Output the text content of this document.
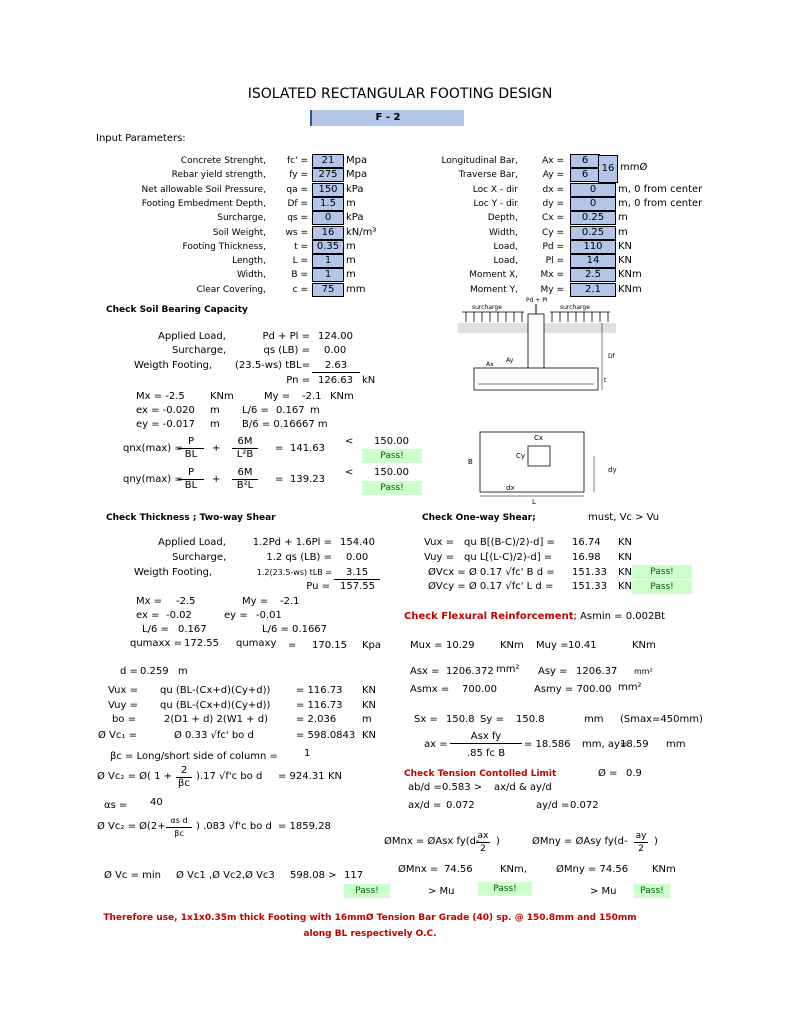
ISOLATED RECTANGULAR FOOTING DESIGN
F - 2
Input Parameters:
Concrete Strenght,	fc' =	21	Mpa
Rebar yield strength,	fy =	275 Mpa
Net allowable Soil Pressure,	qa =	150 kPa
Footing Embedment Depth,	Df =	1.5	m
Surcharge,	qs =	0	kPa
Soil Weight,	ws =	16	kN/m³
Footing Thickness,	t = 0.35 m
Length,	L =	1	m
Width,	B =	1	m
Clear Covering,	c =	75	mm
Longitudinal Bar,	Ax =	6
Traverse Bar,	Ay =	6
Loc X - dir	dx =	0	m, 0 from center
Loc Y - dir	dy =	0	m, 0 from center
Depth,	Cx =	0.25	m
Width,	Cy =	0.25	m
Load,	Pd =	110	KN
Load,	Pl =	14	KN
Moment X,	Mx =	2.5	KNm
Moment Y,	My =	2.1	KNm
16 mmØ
Check Soil Bearing Capacity
Applied Load,	Pd + Pl = 124.00
Surcharge,	qs (LB) = 0.00
Weigth Footing,	(23.5-ws) tBL=	2.63
Pn = 126.63 kN
Mx = -2.5	KNm	My = -2.1 KNm
ex = -0.020 m L/6 = 0.167 m
ey = -0.017 m B/6 = 0.16667 m
qnx(max) =
$\frac{P}{BL} + \frac{6M}{\text{L²B}} = 141.63$
< 150.00
Pass!
qny(max) =
$\frac{P}{BL} + \frac{6M}{\text{B²L}} = 139.23$
< 150.00
Pass!
surcharge	surcharge
Pd + Pl
Ax
Ay
Df
t
Cx
Cy
B
dy
dx
L
Check Thickness ; Two-way Shear
Applied Load,	1.2Pd + 1.6Pl = 154.40
Surcharge,	1.2 qs (LB) = 0.00
Weigth Footing,	1.2(23.5-ws) tLB =	3.15
Pu = 157.55
Mx = -2.5	My = -2.1
ex = -0.02	ey = -0.01
L/6 = 0.167	L/6 = 0.1667
qumaxx = 172.55 qumaxy = 170.15 Kpa
d = 0.259 m
Vux = qu (BL-(Cx+d)(Cy+d))	= 116.73 KN
Vuy = qu (BL-(Cx+d)(Cy+d))	= 116.73 KN
bo =	2(D1 + d) 2(W1 + d)	= 2.036	m
Ø Vc₁ =	Ø 0.33 √fc' bo d	= 598.0843 KN
βc = Long/short side of column =	1
Ø Vc₂ = Ø( $1 + \frac{2}{\beta c} ).17$ √f'c bo d = 924.31 KN
αs = 40
Ø Vc₂ = Ø(2+ $\frac{\text{αs d}}{\beta c}$ ) .083 √f'c bo d = 1859.28
Ø Vc = min Ø Vc1 ,Ø Vc2,Ø Vc3 598.08 > 117
Pass!
Check One-way Shear;	must, Vc > Vu
Vux = qu B[(B-C)/2)-d] = 16.74 KN
Vuy = qu L[(L-C)/2)-d] = 16.98 KN
ØVcx = Ø 0.17 √fc' B d = 151.33 KN	Pass!
ØVcy = Ø 0.17 √fc' L d = 151.33 KN	Pass!
Check Flexural Reinforcement; Asmin = 0.002Bt
Mux = 10.29	KNm Muy = 10.41	KNm
Asx = 1206.372 mm² Asy = 1206.37 mm²
Asmx = 700.00	Asmy = 700.00 mm²
Sx = 150.8 Sy = 150.8	mm (Smax=450mm)
ax =
Asx fy
.85 fc B
= 18.586 mm, ay=
18.59 mm
Check Tension Contolled Limit	Ø = 0.9
ab/d = 0.583 > ax/d & ay/d
ax/d = 0.072	ay/d = 0.072
ØMnx = ØAsx fy(d-
$\frac{ax}{2}$ )	ØMny = ØAsy $fy(d- \frac{ay}{2}$ )
ØMnx = 74.56	KNm,	ØMny = 74.56 KNm
> Mu	Pass!	> Mu	Pass!
Therefore use, 1x1x0.35m thick Footing with 16mmØ Tension Bar Grade (40) sp. @ 150.8mm and 150mm
along BL respectively O.C.
